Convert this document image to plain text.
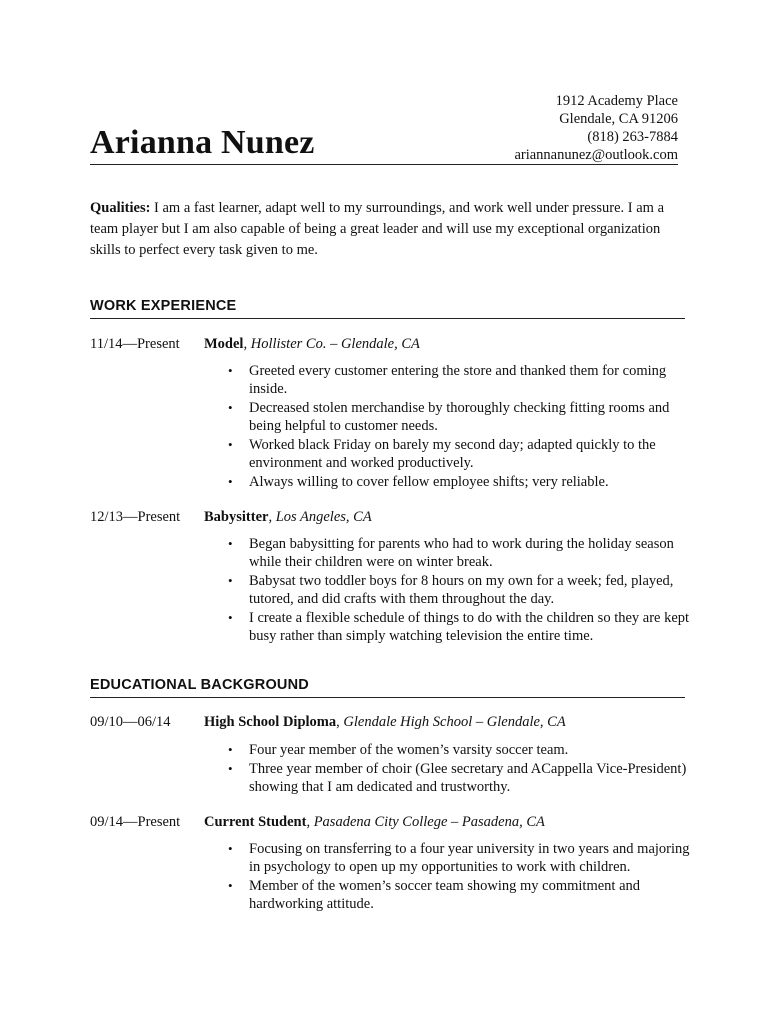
1912 Academy Place
Glendale, CA 91206
(818) 263-7884
ariannanunez@outlook.com
Arianna Nunez
Qualities: I am a fast learner, adapt well to my surroundings, and work well under pressure. I am a team player but I am also capable of being a great leader and will use my exceptional organization skills to perfect every task given to me.
WORK EXPERIENCE
11/14—Present Model, Hollister Co. – Glendale, CA
• Greeted every customer entering the store and thanked them for coming inside.
• Decreased stolen merchandise by thoroughly checking fitting rooms and being helpful to customer needs.
• Worked black Friday on barely my second day; adapted quickly to the environment and worked productively.
• Always willing to cover fellow employee shifts; very reliable.
12/13—Present Babysitter, Los Angeles, CA
• Began babysitting for parents who had to work during the holiday season while their children were on winter break.
• Babysat two toddler boys for 8 hours on my own for a week; fed, played, tutored, and did crafts with them throughout the day.
• I create a flexible schedule of things to do with the children so they are kept busy rather than simply watching television the entire time.
EDUCATIONAL BACKGROUND
09/10—06/14 High School Diploma, Glendale High School – Glendale, CA
• Four year member of the women’s varsity soccer team.
• Three year member of choir (Glee secretary and ACappella Vice-President) showing that I am dedicated and trustworthy.
09/14—Present Current Student, Pasadena City College – Pasadena, CA
• Focusing on transferring to a four year university in two years and majoring in psychology to open up my opportunities to work with children.
• Member of the women’s soccer team showing my commitment and hardworking attitude.
